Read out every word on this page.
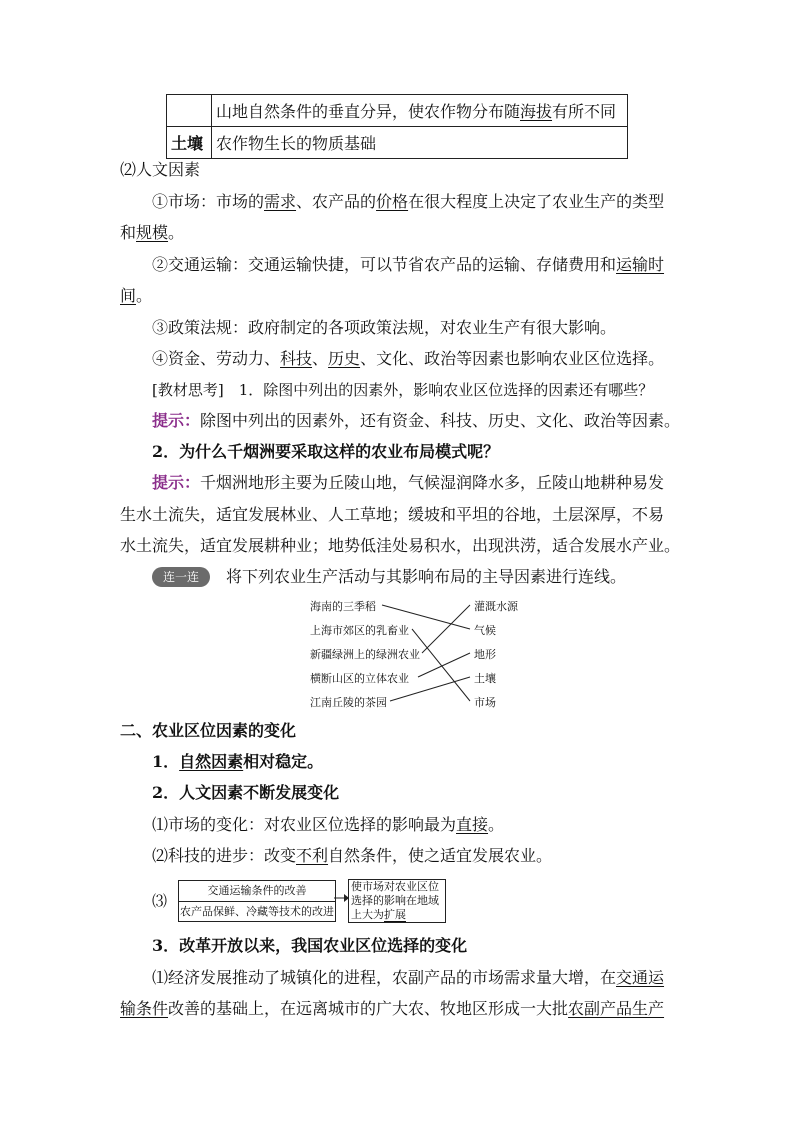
	山地自然条件的垂直分异，使农作物分布随海拔有所不同
土壤	农作物生长的物质基础
⑵人文因素
①市场：市场的需求、农产品的价格在很大程度上决定了农业生产的类型
和规模。
②交通运输：交通运输快捷，可以节省农产品的运输、存储费用和运输时
间。
③政策法规：政府制定的各项政策法规，对农业生产有很大影响。
④资金、劳动力、科技、历史、文化、政治等因素也影响农业区位选择。
[教材思考]　1．除图中列出的因素外，影响农业区位选择的因素还有哪些？
提示：除图中列出的因素外，还有资金、科技、历史、文化、政治等因素。
2．为什么千烟洲要采取这样的农业布局模式呢？
提示：千烟洲地形主要为丘陵山地，气候湿润降水多，丘陵山地耕种易发
生水土流失，适宜发展林业、人工草地；缓坡和平坦的谷地，土层深厚，不易
水土流失，适宜发展耕种业；地势低洼处易积水，出现洪涝，适合发展水产业。
连一连	将下列农业生产活动与其影响布局的主导因素进行连线。
海南的三季稻
上海市郊区的乳畜业
新疆绿洲上的绿洲农业
横断山区的立体农业
江南丘陵的茶园
灌溉水源
气候
地形
土壤
市场
二、农业区位因素的变化
1．自然因素相对稳定。
2．人文因素不断发展变化
⑴市场的变化：对农业区位选择的影响最为直接。
⑵科技的进步：改变不利自然条件，使之适宜发展农业。
⑶
交通运输条件的改善
农产品保鲜、冷藏等技术的改进
使市场对农业区位
选择的影响在地域
上大为扩展
3．改革开放以来，我国农业区位选择的变化
⑴经济发展推动了城镇化的进程，农副产品的市场需求量大增，在交通运
输条件改善的基础上，在远离城市的广大农、牧地区形成一大批农副产品生产
